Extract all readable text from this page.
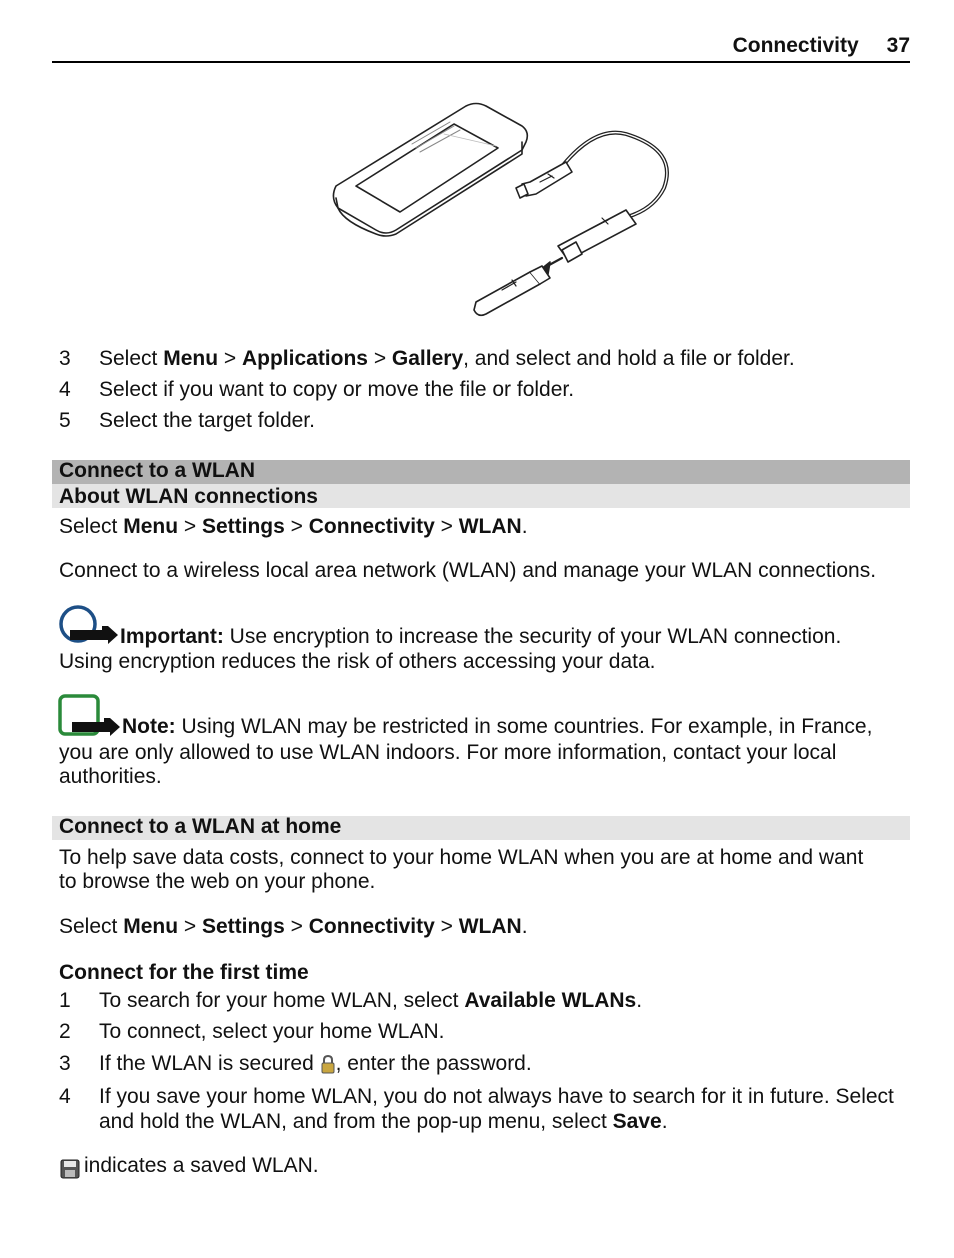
Connectivity 37
3 Select Menu > Applications > Gallery, and select and hold a file or folder.
4 Select if you want to copy or move the file or folder.
5 Select the target folder.
Connect to a WLAN
About WLAN connections
Select Menu > Settings > Connectivity > WLAN.
Connect to a wireless local area network (WLAN) and manage your WLAN connections.
Important: Use encryption to increase the security of your WLAN connection.
Using encryption reduces the risk of others accessing your data.
Note: Using WLAN may be restricted in some countries. For example, in France,
you are only allowed to use WLAN indoors. For more information, contact your local
authorities.
Connect to a WLAN at home
To help save data costs, connect to your home WLAN when you are at home and want
to browse the web on your phone.
Select Menu > Settings > Connectivity > WLAN.
Connect for the first time
1 To search for your home WLAN, select Available WLANs.
2 To connect, select your home WLAN.
3 If the WLAN is secured , enter the password.
4 If you save your home WLAN, you do not always have to search for it in future. Select
and hold the WLAN, and from the pop-up menu, select Save.
indicates a saved WLAN.
